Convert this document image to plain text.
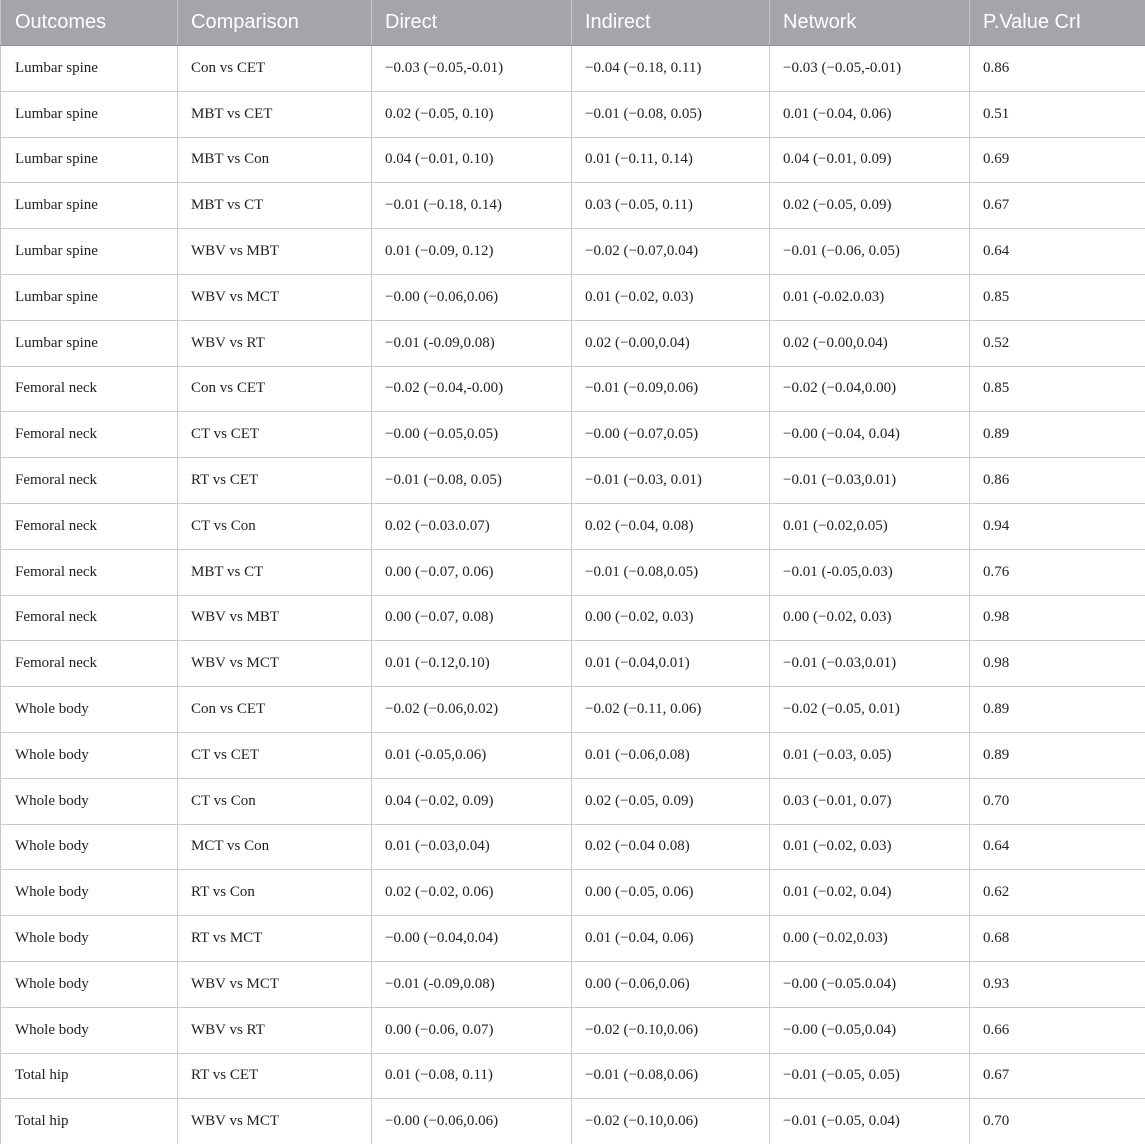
Outcomes	Comparison	Direct	Indirect	Network	P.Value CrI
Lumbar spine	Con vs CET	−0.03 (−0.05,-0.01)	−0.04 (−0.18, 0.11)	−0.03 (−0.05,-0.01)	0.86
Lumbar spine	MBT vs CET	0.02 (−0.05, 0.10)	−0.01 (−0.08, 0.05)	0.01 (−0.04, 0.06)	0.51
Lumbar spine	MBT vs Con	0.04 (−0.01, 0.10)	0.01 (−0.11, 0.14)	0.04 (−0.01, 0.09)	0.69
Lumbar spine	MBT vs CT	−0.01 (−0.18, 0.14)	0.03 (−0.05, 0.11)	0.02 (−0.05, 0.09)	0.67
Lumbar spine	WBV vs MBT	0.01 (−0.09, 0.12)	−0.02 (−0.07,0.04)	−0.01 (−0.06, 0.05)	0.64
Lumbar spine	WBV vs MCT	−0.00 (−0.06,0.06)	0.01 (−0.02, 0.03)	0.01 (-0.02.0.03)	0.85
Lumbar spine	WBV vs RT	−0.01 (-0.09,0.08)	0.02 (−0.00,0.04)	0.02 (−0.00,0.04)	0.52
Femoral neck	Con vs CET	−0.02 (−0.04,-0.00)	−0.01 (−0.09,0.06)	−0.02 (−0.04,0.00)	0.85
Femoral neck	CT vs CET	−0.00 (−0.05,0.05)	−0.00 (−0.07,0.05)	−0.00 (−0.04, 0.04)	0.89
Femoral neck	RT vs CET	−0.01 (−0.08, 0.05)	−0.01 (−0.03, 0.01)	−0.01 (−0.03,0.01)	0.86
Femoral neck	CT vs Con	0.02 (−0.03.0.07)	0.02 (−0.04, 0.08)	0.01 (−0.02,0.05)	0.94
Femoral neck	MBT vs CT	0.00 (−0.07, 0.06)	−0.01 (−0.08,0.05)	−0.01 (-0.05,0.03)	0.76
Femoral neck	WBV vs MBT	0.00 (−0.07, 0.08)	0.00 (−0.02, 0.03)	0.00 (−0.02, 0.03)	0.98
Femoral neck	WBV vs MCT	0.01 (−0.12,0.10)	0.01 (−0.04,0.01)	−0.01 (−0.03,0.01)	0.98
Whole body	Con vs CET	−0.02 (−0.06,0.02)	−0.02 (−0.11, 0.06)	−0.02 (−0.05, 0.01)	0.89
Whole body	CT vs CET	0.01 (-0.05,0.06)	0.01 (−0.06,0.08)	0.01 (−0.03, 0.05)	0.89
Whole body	CT vs Con	0.04 (−0.02, 0.09)	0.02 (−0.05, 0.09)	0.03 (−0.01, 0.07)	0.70
Whole body	MCT vs Con	0.01 (−0.03,0.04)	0.02 (−0.04 0.08)	0.01 (−0.02, 0.03)	0.64
Whole body	RT vs Con	0.02 (−0.02, 0.06)	0.00 (−0.05, 0.06)	0.01 (−0.02, 0.04)	0.62
Whole body	RT vs MCT	−0.00 (−0.04,0.04)	0.01 (−0.04, 0.06)	0.00 (−0.02,0.03)	0.68
Whole body	WBV vs MCT	−0.01 (-0.09,0.08)	0.00 (−0.06,0.06)	−0.00 (−0.05.0.04)	0.93
Whole body	WBV vs RT	0.00 (−0.06, 0.07)	−0.02 (−0.10,0.06)	−0.00 (−0.05,0.04)	0.66
Total hip	RT vs CET	0.01 (−0.08, 0.11)	−0.01 (−0.08,0.06)	−0.01 (−0.05, 0.05)	0.67
Total hip	WBV vs MCT	−0.00 (−0.06,0.06)	−0.02 (−0.10,0.06)	−0.01 (−0.05, 0.04)	0.70
